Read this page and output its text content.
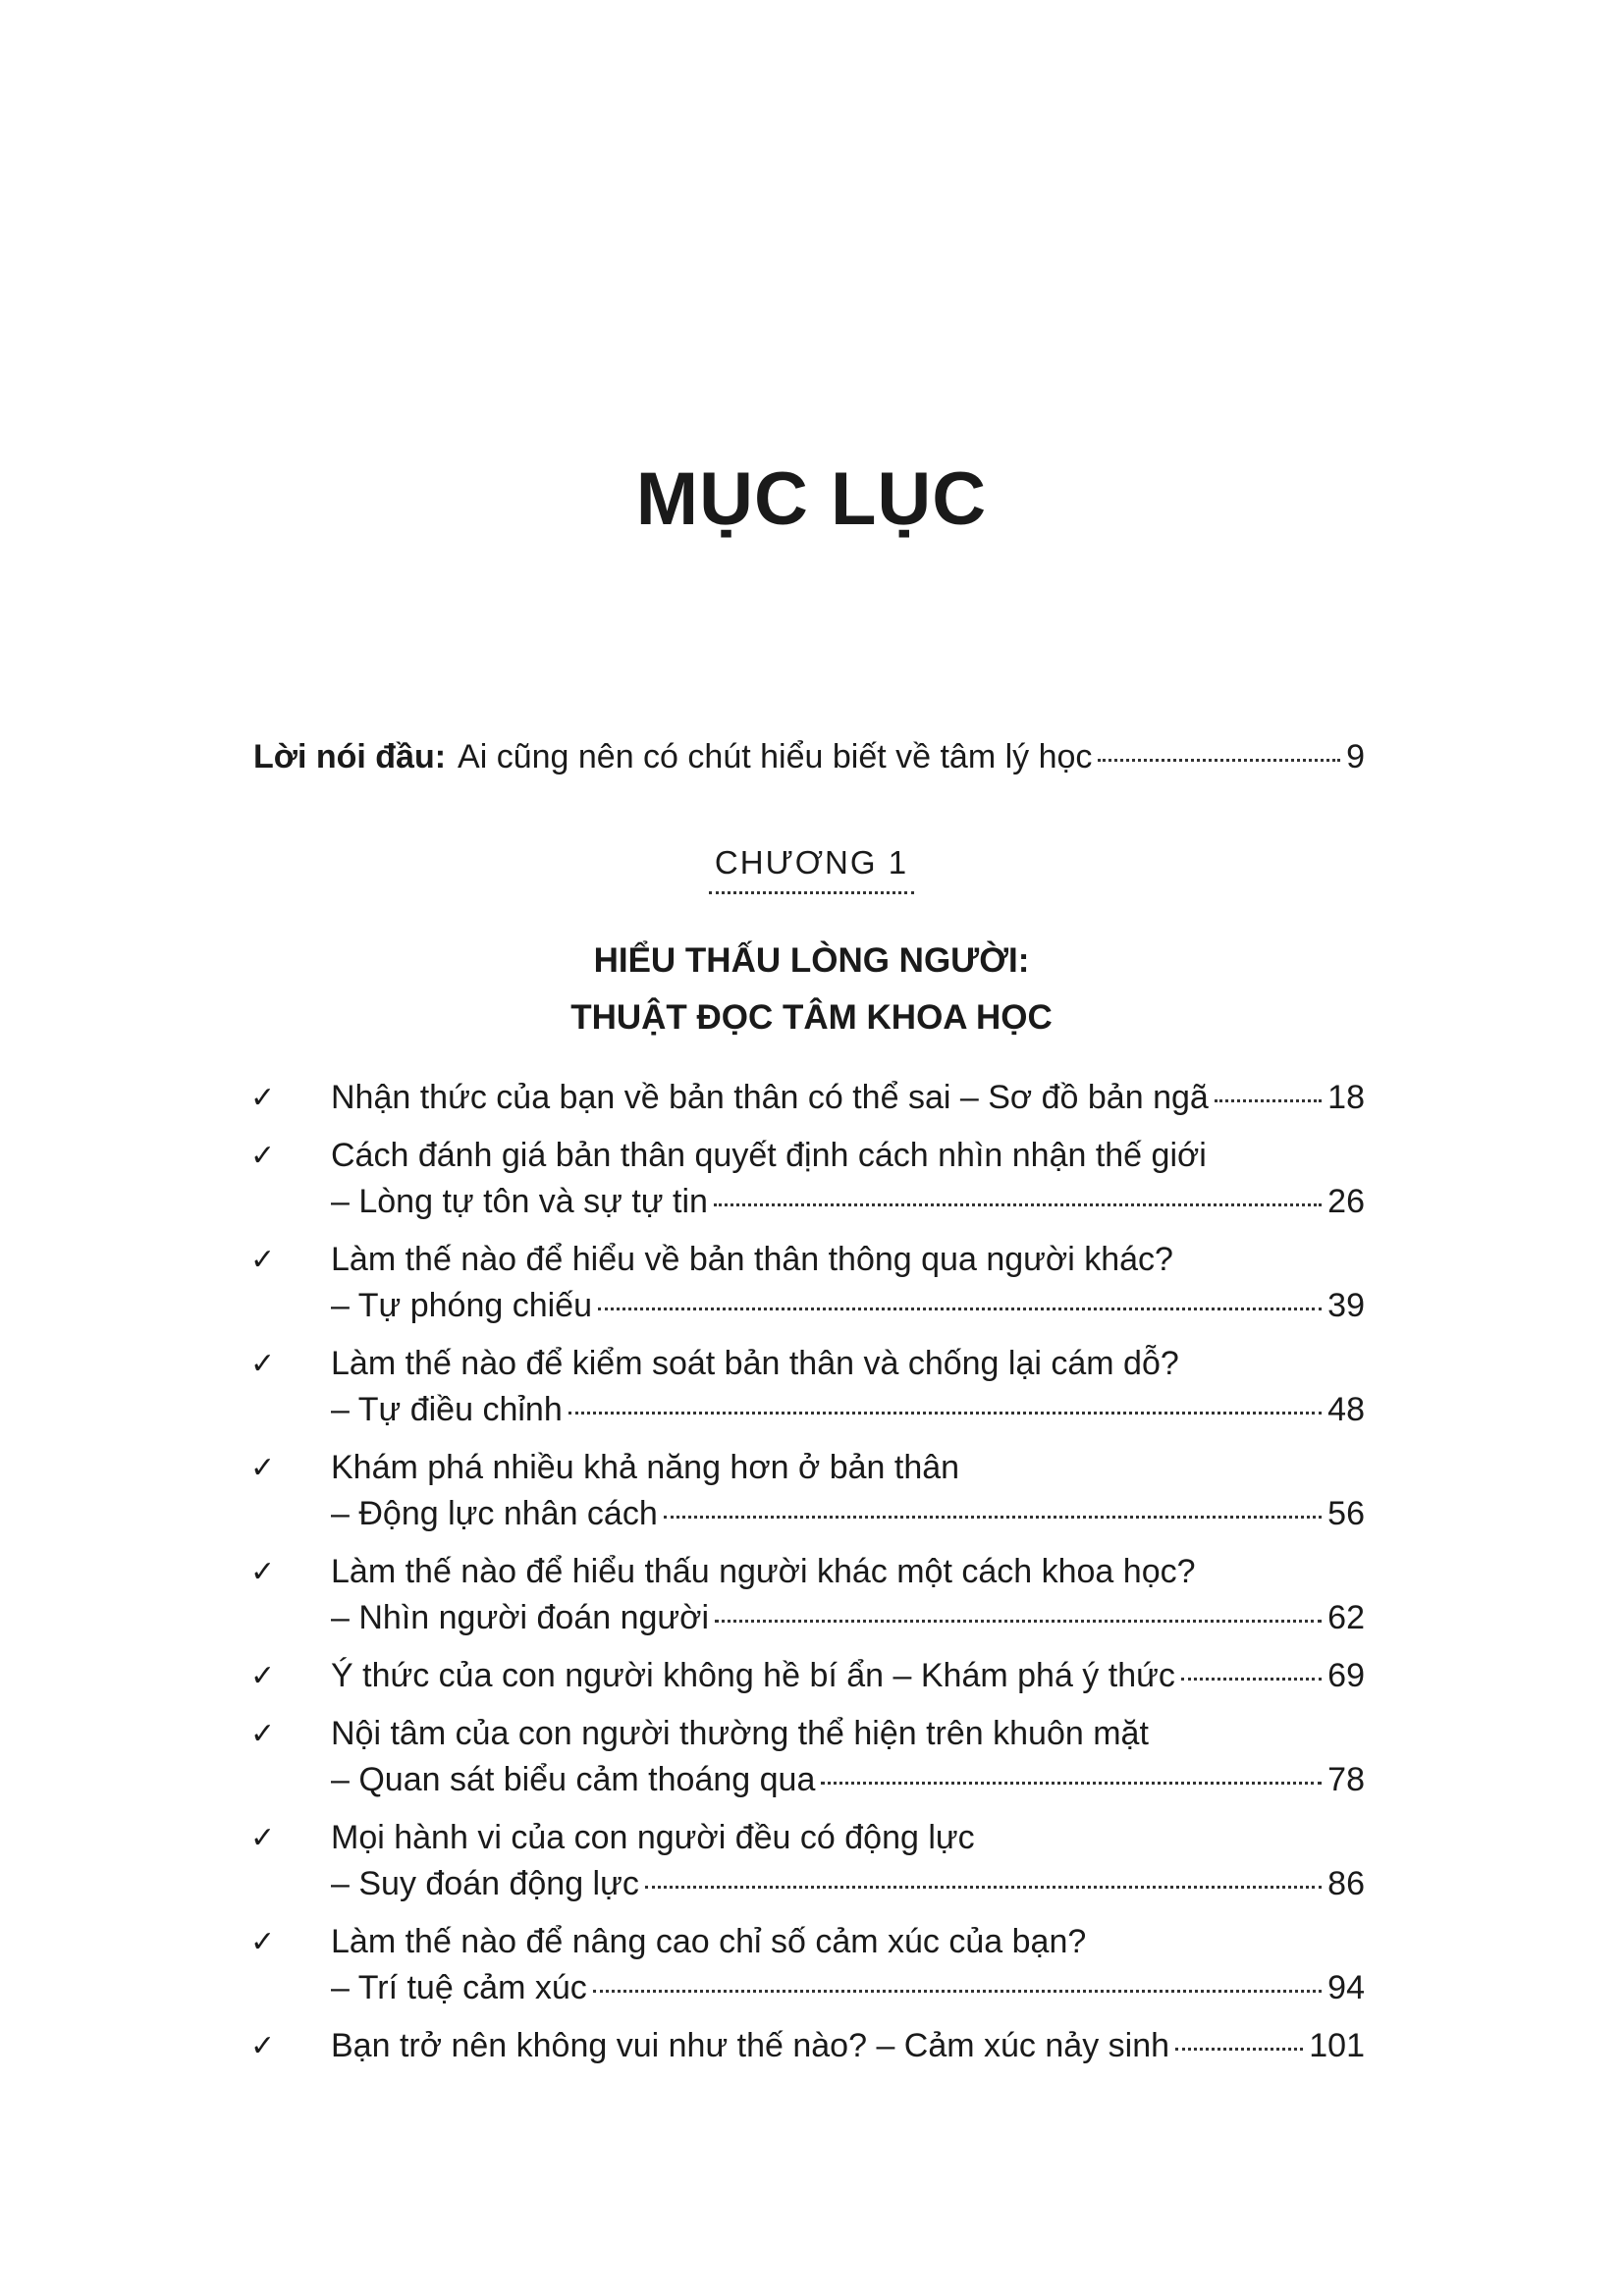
MỤC LỤC
Lời nói đầu: Ai cũng nên có chút hiểu biết về tâm lý học	9
CHƯƠNG 1
HIỂU THẤU LÒNG NGƯỜI:
THUẬT ĐỌC TÂM KHOA HỌC
✓	Nhận thức của bạn về bản thân có thể sai – Sơ đồ bản ngã	18
✓	Cách đánh giá bản thân quyết định cách nhìn nhận thế giới
– Lòng tự tôn và sự tự tin	26
✓	Làm thế nào để hiểu về bản thân thông qua người khác?
– Tự phóng chiếu	39
✓	Làm thế nào để kiểm soát bản thân và chống lại cám dỗ?
– Tự điều chỉnh	48
✓	Khám phá nhiều khả năng hơn ở bản thân
– Động lực nhân cách	56
✓	Làm thế nào để hiểu thấu người khác một cách khoa học?
– Nhìn người đoán người	62
✓	Ý thức của con người không hề bí ẩn – Khám phá ý thức	69
✓	Nội tâm của con người thường thể hiện trên khuôn mặt
– Quan sát biểu cảm thoáng qua	78
✓	Mọi hành vi của con người đều có động lực
– Suy đoán động lực	86
✓	Làm thế nào để nâng cao chỉ số cảm xúc của bạn?
– Trí tuệ cảm xúc	94
✓	Bạn trở nên không vui như thế nào? – Cảm xúc nảy sinh	101
